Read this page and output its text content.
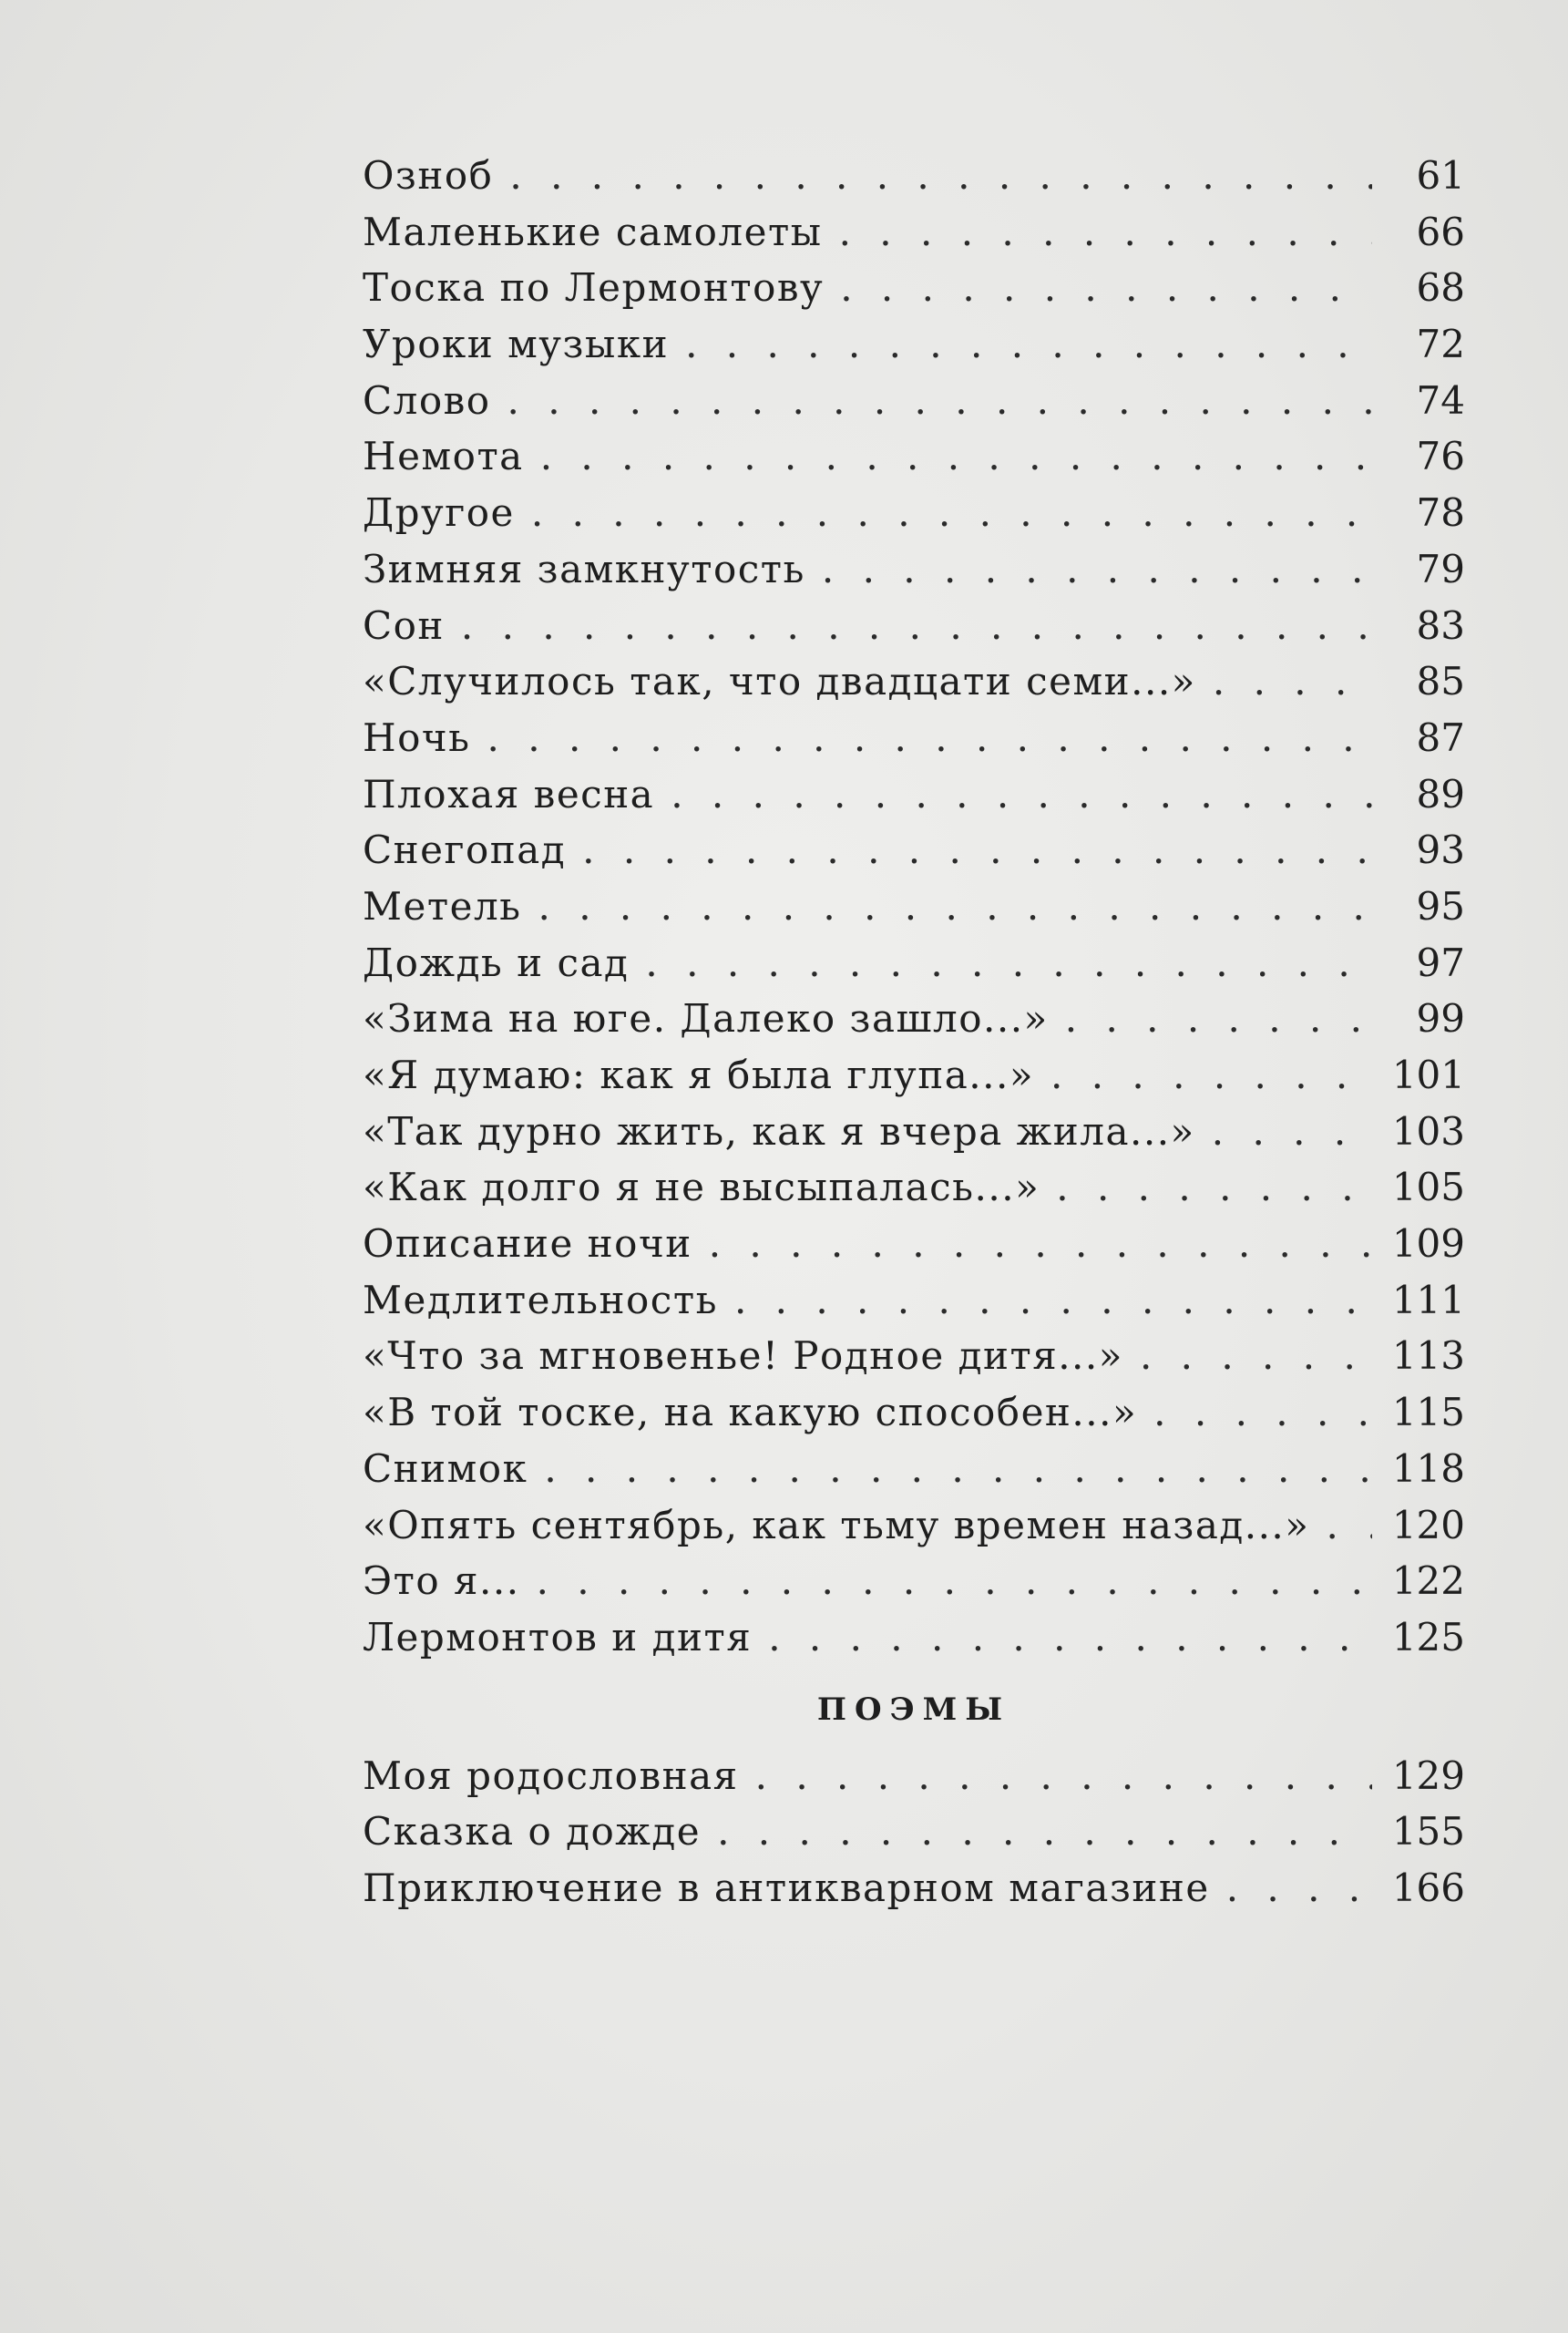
Озноб . . .	61
Маленькие самолеты . . .	66
Тоска по Лермонтову . . .	68
Уроки музыки . . .	72
Слово . . .	74
Немота . . .	76
Другое . . .	78
Зимняя замкнутость . . .	79
Сон . . .	83
«Случилось так, что двадцати семи...» . . .	85
Ночь . . .	87
Плохая весна . . .	89
Снегопад . . .	93
Метель . . .	95
Дождь и сад . . .	97
«Зима на юге. Далеко зашло...» . . .	99
«Я думаю: как я была глупа...» . . .	101
«Так дурно жить, как я вчера жила...» . . .	103
«Как долго я не высыпалась...» . . .	105
Описание ночи . . .	109
Медлительность . . .	111
«Что за мгновенье! Родное дитя...» . . .	113
«В той тоске, на какую способен...» . . .	115
Снимок . . .	118
«Опять сентябрь, как тьму времен назад...» . . . 120
Это я... . . .	122
Лермонтов и дитя . . .	125
ПОЭМЫ
Моя родословная . . .	129
Сказка о дожде . . .	155
Приключение в антикварном магазине . . .	166
